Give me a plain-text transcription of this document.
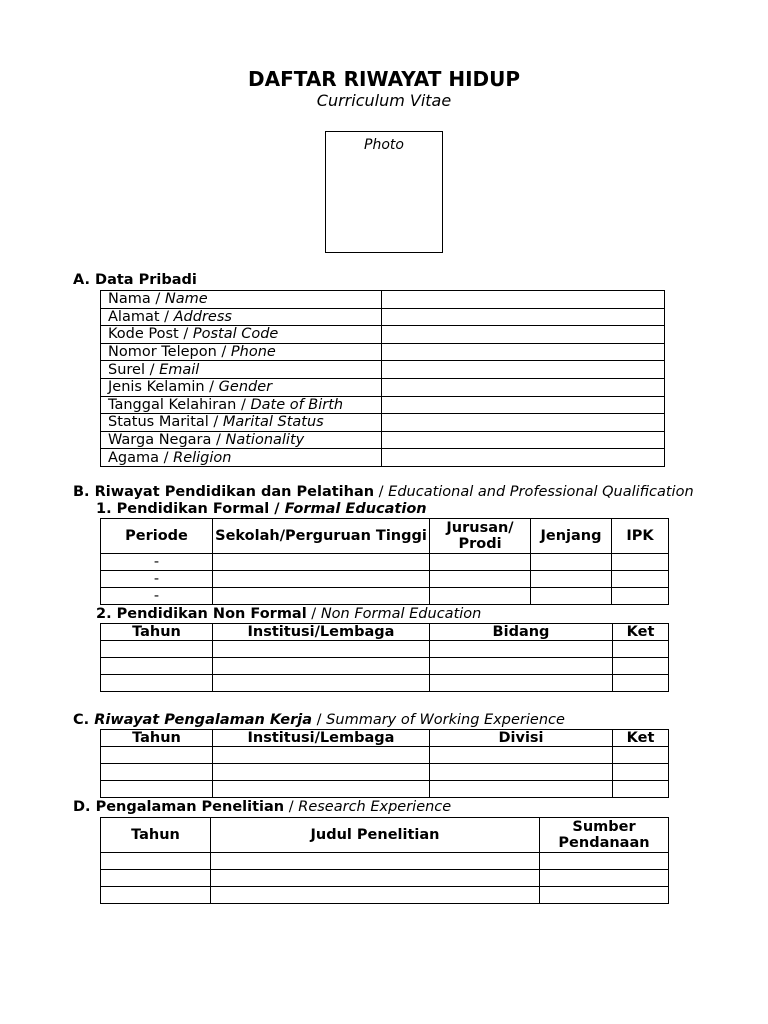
DAFTAR RIWAYAT HIDUP
Curriculum Vitae
Photo
A. Data Pribadi
Nama / Name	
Alamat / Address	
Kode Post / Postal Code	
Nomor Telepon / Phone	
Surel / Email	
Jenis Kelamin / Gender	
Tanggal Kelahiran / Date of Birth	
Status Marital / Marital Status	
Warga Negara / Nationality	
Agama / Religion	
B. Riwayat Pendidikan dan Pelatihan / Educational and Professional Qualification
1. Pendidikan Formal / Formal Education
Periode	Sekolah/Perguruan Tinggi	Jurusan/ Prodi	Jenjang	IPK
-				
-				
-				
2. Pendidikan Non Formal / Non Formal Education
Tahun	Institusi/Lembaga	Bidang	Ket

C. Riwayat Pengalaman Kerja / Summary of Working Experience
Tahun	Institusi/Lembaga	Divisi	Ket

D. Pengalaman Penelitian / Research Experience
Tahun	Judul Penelitian	Sumber Pendanaan
